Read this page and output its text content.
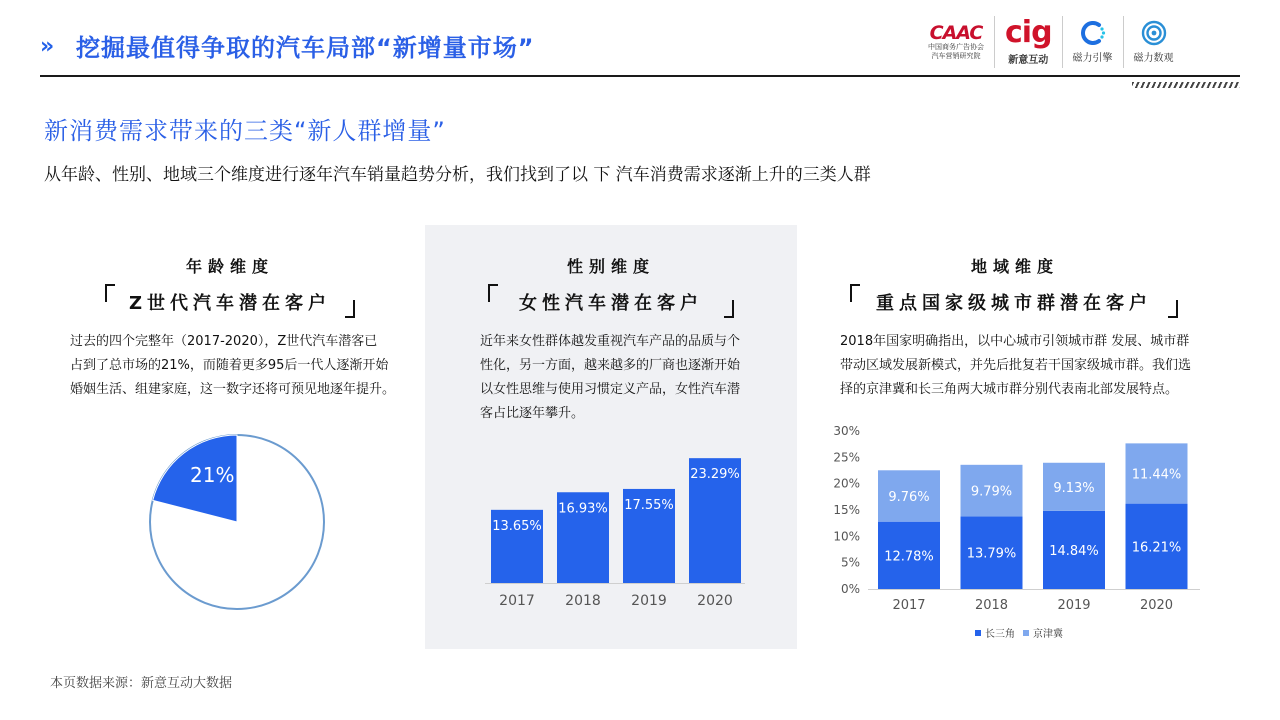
» 挖掘最值得争取的汽车局部“新增量市场”
CAAC
中国商务广告协会
汽车营销研究院
cig
新意互动 磁力引擎 磁力数观
新消费需求带来的三类“新人群增量”
从年龄、性别、地域三个维度进行逐年汽车销量趋势分析，我们找到了以 下 汽车消费需求逐渐上升的三类人群
年龄维度
Z世代汽车潜在客户
过去的四个完整年（2017-2020），Z世代汽车潜客已
占到了总市场的21%，而随着更多95后一代人逐渐开始
婚姻生活、组建家庭，这一数字还将可预见地逐年提升。
21%
性别维度
女性汽车潜在客户
近年来女性群体越发重视汽车产品的品质与个
性化，另一方面，越来越多的厂商也逐渐开始
以女性思维与使用习惯定义产品，女性汽车潜
客占比逐年攀升。
13.65%
2017
16.93%
2018
17.55%
2019
23.29%
2020
地域维度
重点国家级城市群潜在客户
2018年国家明确指出，以中心城市引领城市群 发展、城市群
带动区域发展新模式，并先后批复若干国家级城市群。我们选
择的京津冀和长三角两大城市群分别代表南北部发展特点。
30%
25%
20%
15%
10%
5%
0%
12.78%
9.76%
2017
13.79%
9.79%
2018
14.84%
9.13%
2019
16.21%
11.44%
2020
长三角 京津冀
本页数据来源：新意互动大数据
